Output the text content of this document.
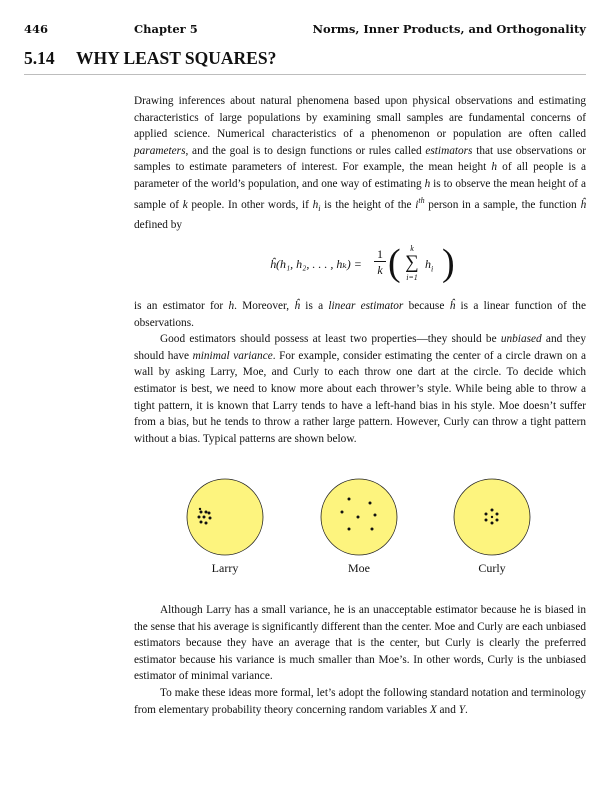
446	Chapter 5	Norms, Inner Products, and Orthogonality
5.14 WHY LEAST SQUARES?

Drawing inferences about natural phenomena based upon physical observations and estimating characteristics of large populations by examining small samples are fundamental concerns of applied science. Numerical characteristics of a phenomenon or population are often called parameters, and the goal is to design functions or rules called estimators that use observations or samples to estimate parameters of interest. For example, the mean height h of all people is a parameter of the world’s population, and one way of estimating h is to observe the mean height of a sample of k people. In other words, if $h_i$ is the height of the $i^{th}$ person in a sample, the function ĥ defined by

ĥ(h₁, h₂, . . . , hₖ) =
1
k (	k
∑
i=1
$h_i$ )

is an estimator for h. Moreover, ĥ is a linear estimator because ĥ is a linear function of the observations.

Good estimators should possess at least two properties—they should be unbiased and they should have minimal variance. For example, consider estimating the center of a circle drawn on a wall by asking Larry, Moe, and Curly to each throw one dart at the circle. To decide which estimator is best, we need to know more about each thrower’s style. While being able to throw a tight pattern, it is known that Larry tends to have a left-hand bias in his style. Moe doesn’t suffer from a bias, but he tends to throw a rather large pattern. However, Curly can throw a tight pattern without a bias. Typical patterns are shown below.

Larry	Moe	Curly

Although Larry has a small variance, he is an unacceptable estimator because he is biased in the sense that his average is significantly different than the center. Moe and Curly are each unbiased estimators because they have an average that is the center, but Curly is clearly the preferred estimator because his variance is much smaller than Moe’s. In other words, Curly is the unbiased estimator of minimal variance.

To make these ideas more formal, let’s adopt the following standard notation and terminology from elementary probability theory concerning random variables X and Y.
